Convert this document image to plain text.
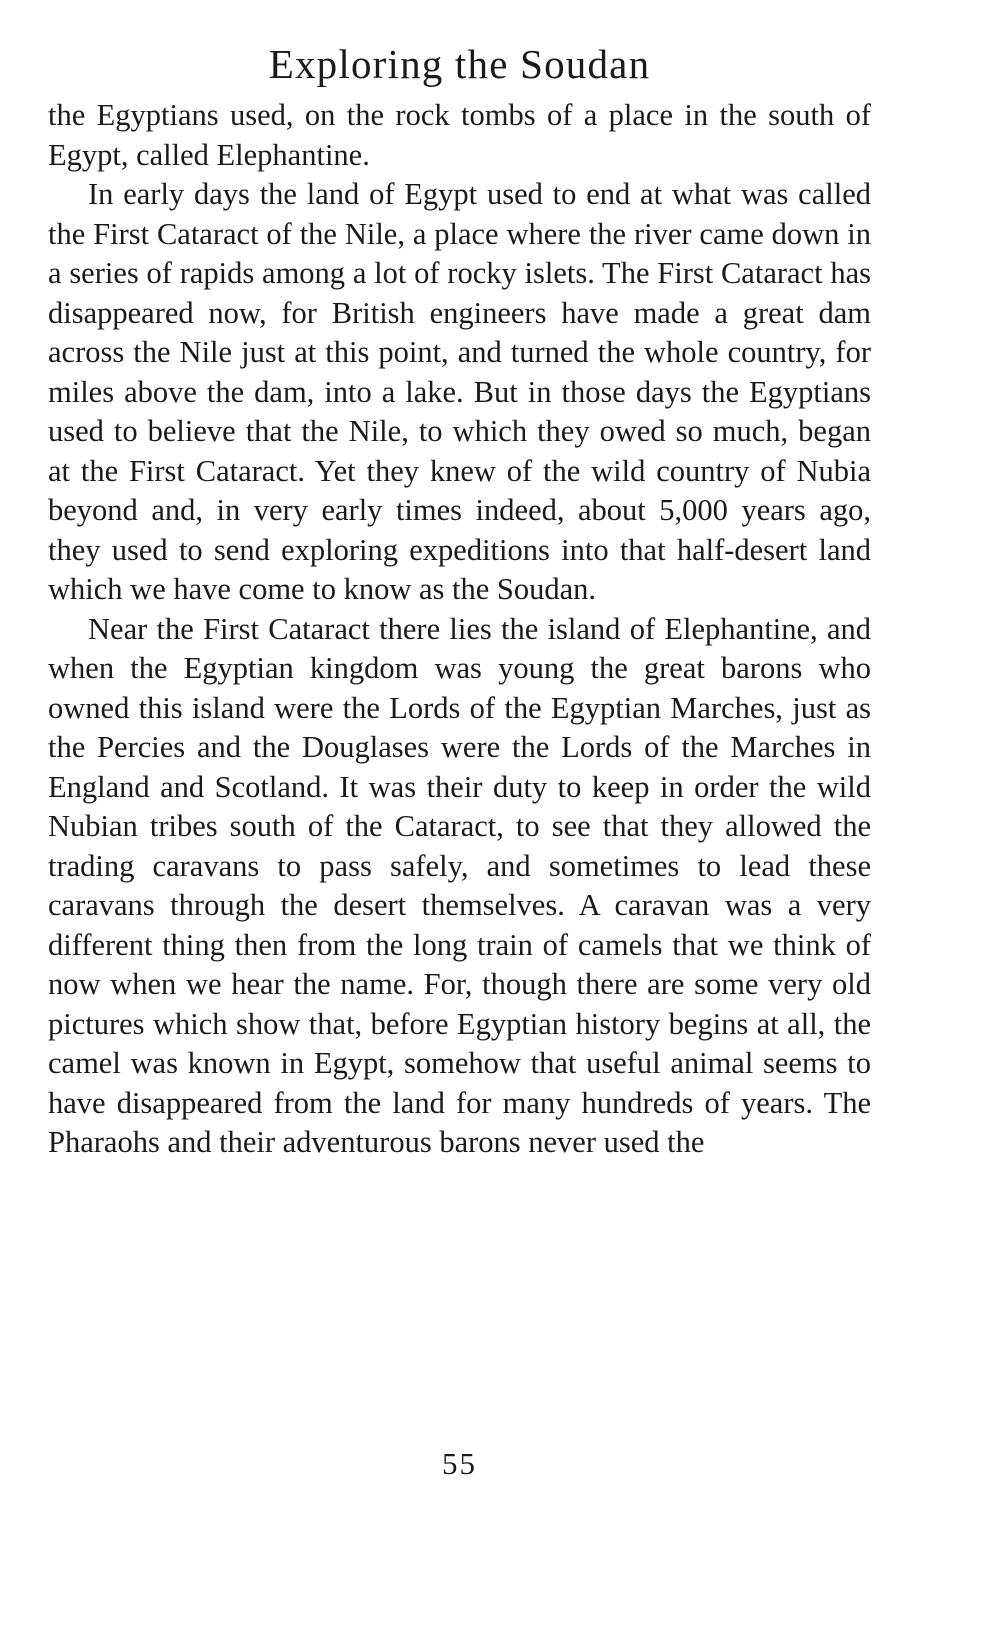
Exploring the Soudan

the Egyptians used, on the rock tombs of a place in the south of Egypt, called Elephantine.

In early days the land of Egypt used to end at what was called the First Cataract of the Nile, a place where the river came down in a series of rapids among a lot of rocky islets. The First Cataract has disappeared now, for British engineers have made a great dam across the Nile just at this point, and turned the whole country, for miles above the dam, into a lake. But in those days the Egyptians used to believe that the Nile, to which they owed so much, began at the First Cataract. Yet they knew of the wild country of Nubia beyond and, in very early times indeed, about 5,000 years ago, they used to send exploring expeditions into that half-desert land which we have come to know as the Soudan.

Near the First Cataract there lies the island of Elephantine, and when the Egyptian kingdom was young the great barons who owned this island were the Lords of the Egyptian Marches, just as the Percies and the Douglases were the Lords of the Marches in England and Scotland. It was their duty to keep in order the wild Nubian tribes south of the Cataract, to see that they allowed the trading caravans to pass safely, and sometimes to lead these caravans through the desert themselves. A caravan was a very different thing then from the long train of camels that we think of now when we hear the name. For, though there are some very old pictures which show that, before Egyptian history begins at all, the camel was known in Egypt, somehow that useful animal seems to have disappeared from the land for many hundreds of years. The Pharaohs and their adventurous barons never used the

55
